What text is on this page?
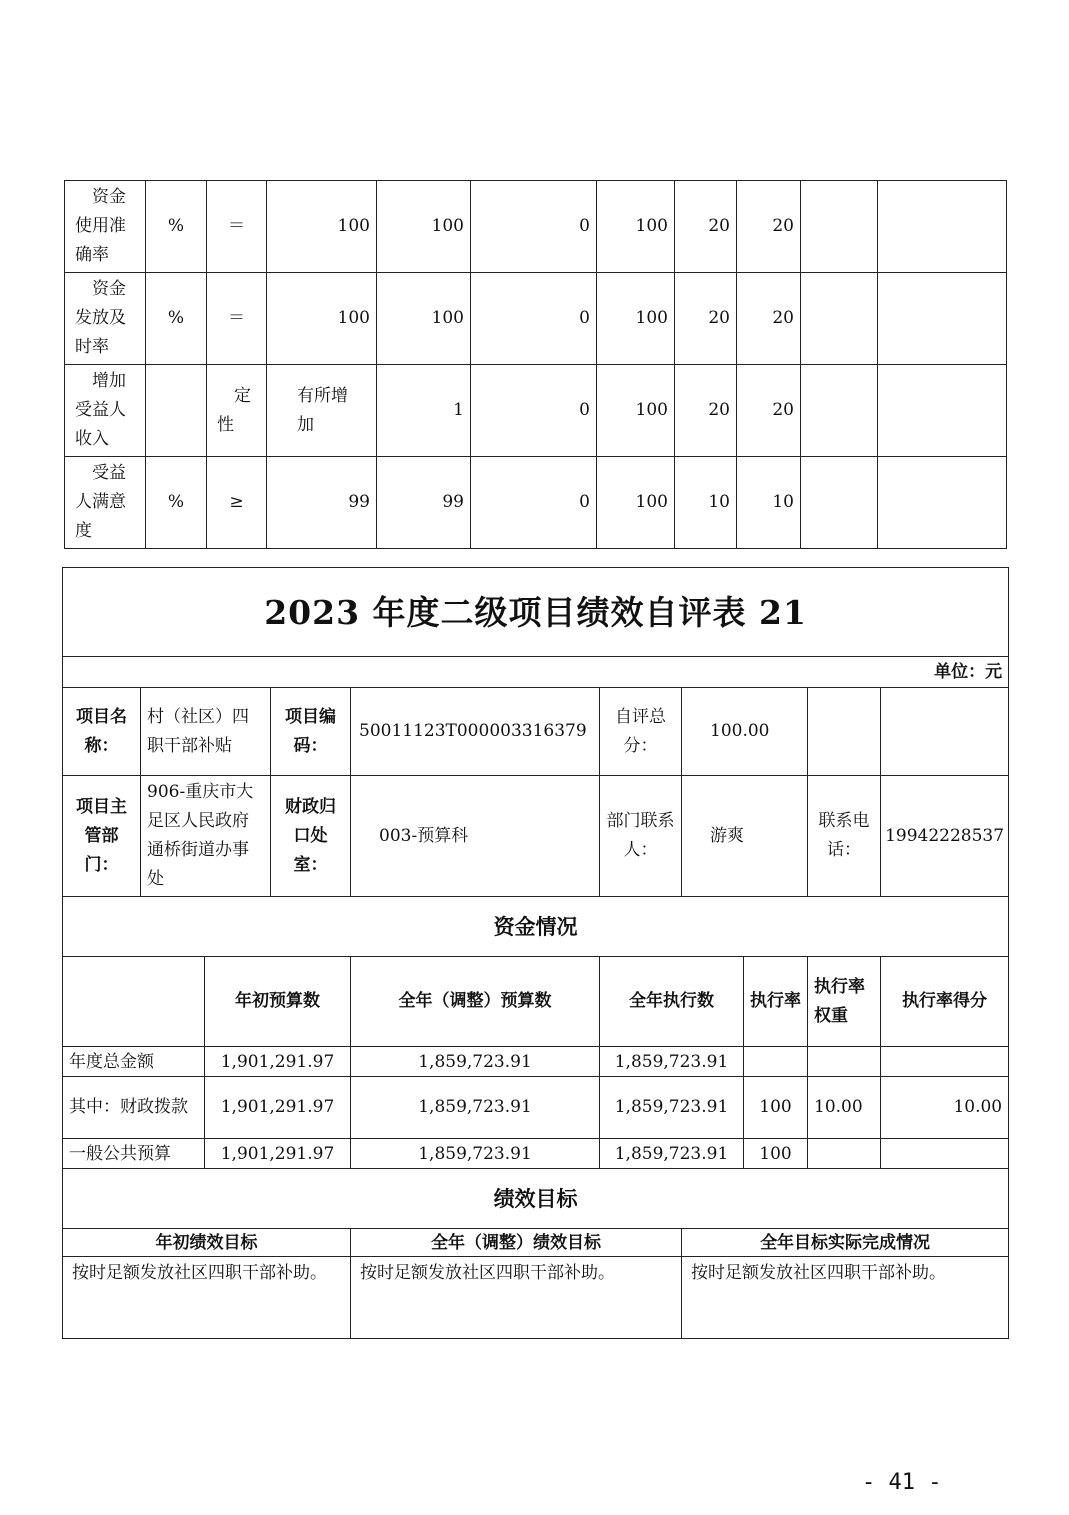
资金使用准确率	%	＝	100	100	0	100	20	20		
资金发放及时率	%	＝	100	100	0	100	20	20		
增加受益人收入		定性	有所增加	1	0	100	20	20		
受益人满意度	%	≥	99	99	0	100	10	10		
2023 年度二级项目绩效自评表 21									
单位：元									
项目名称：	村（社区）四职干部补贴		项目编码：	50011123T000003316379	自评总分：	100.00			
项目主管部门：	906-重庆市大足区人民政府通桥街道办事处		财政归口处室：	003-预算科	部门联系人：	游爽		联系电话：	19942228537
资金情况									
		年初预算数		全年（调整）预算数	全年执行数		执行率	执行率权重	执行率得分
年度总金额		1,901,291.97		1,859,723.91	1,859,723.91				
其中：财政拨款		1,901,291.97		1,859,723.91	1,859,723.91		100	10.00	10.00
一般公共预算		1,901,291.97		1,859,723.91	1,859,723.91		100		
绩效目标									
年初绩效目标				全年（调整）绩效目标		全年目标实际完成情况			
按时足额发放社区四职干部补助。				按时足额发放社区四职干部补助。		按时足额发放社区四职干部补助。			
- 41 -
